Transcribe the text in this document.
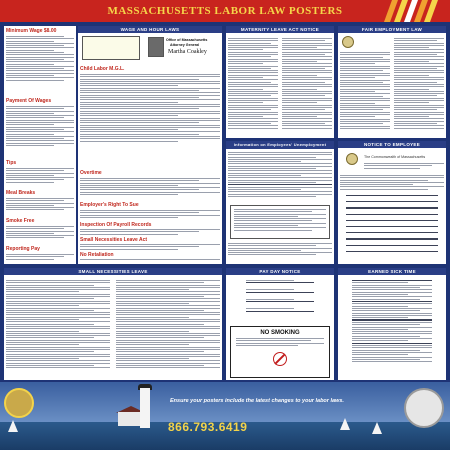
MASSACHUSETTS LABOR LAW POSTERS
Minimum Wage $8.00
Payment Of Wages
Tips
Meal Breaks
Smoke Free
Reporting Pay
WAGE AND HOUR LAWS
Office of Massachusetts
Attorney General
Martha Coakley
Child Labor M.G.L.
Overtime
Employer's Right To Sue
Inspection Of Payroll Records
Small Necessities Leave Act
No Retaliation
MATERNITY LEAVE ACT NOTICE	FAIR EMPLOYMENT LAW
Information on Employees' Unemployment	NOTICE TO EMPLOYEE
The Commonwealth of Massachusetts
SMALL NECESSITIES LEAVE	PAY DAY NOTICE
NO SMOKING
EARNED SICK TIME
Ensure your posters include the latest changes to your labor laws.
866.793.6419
